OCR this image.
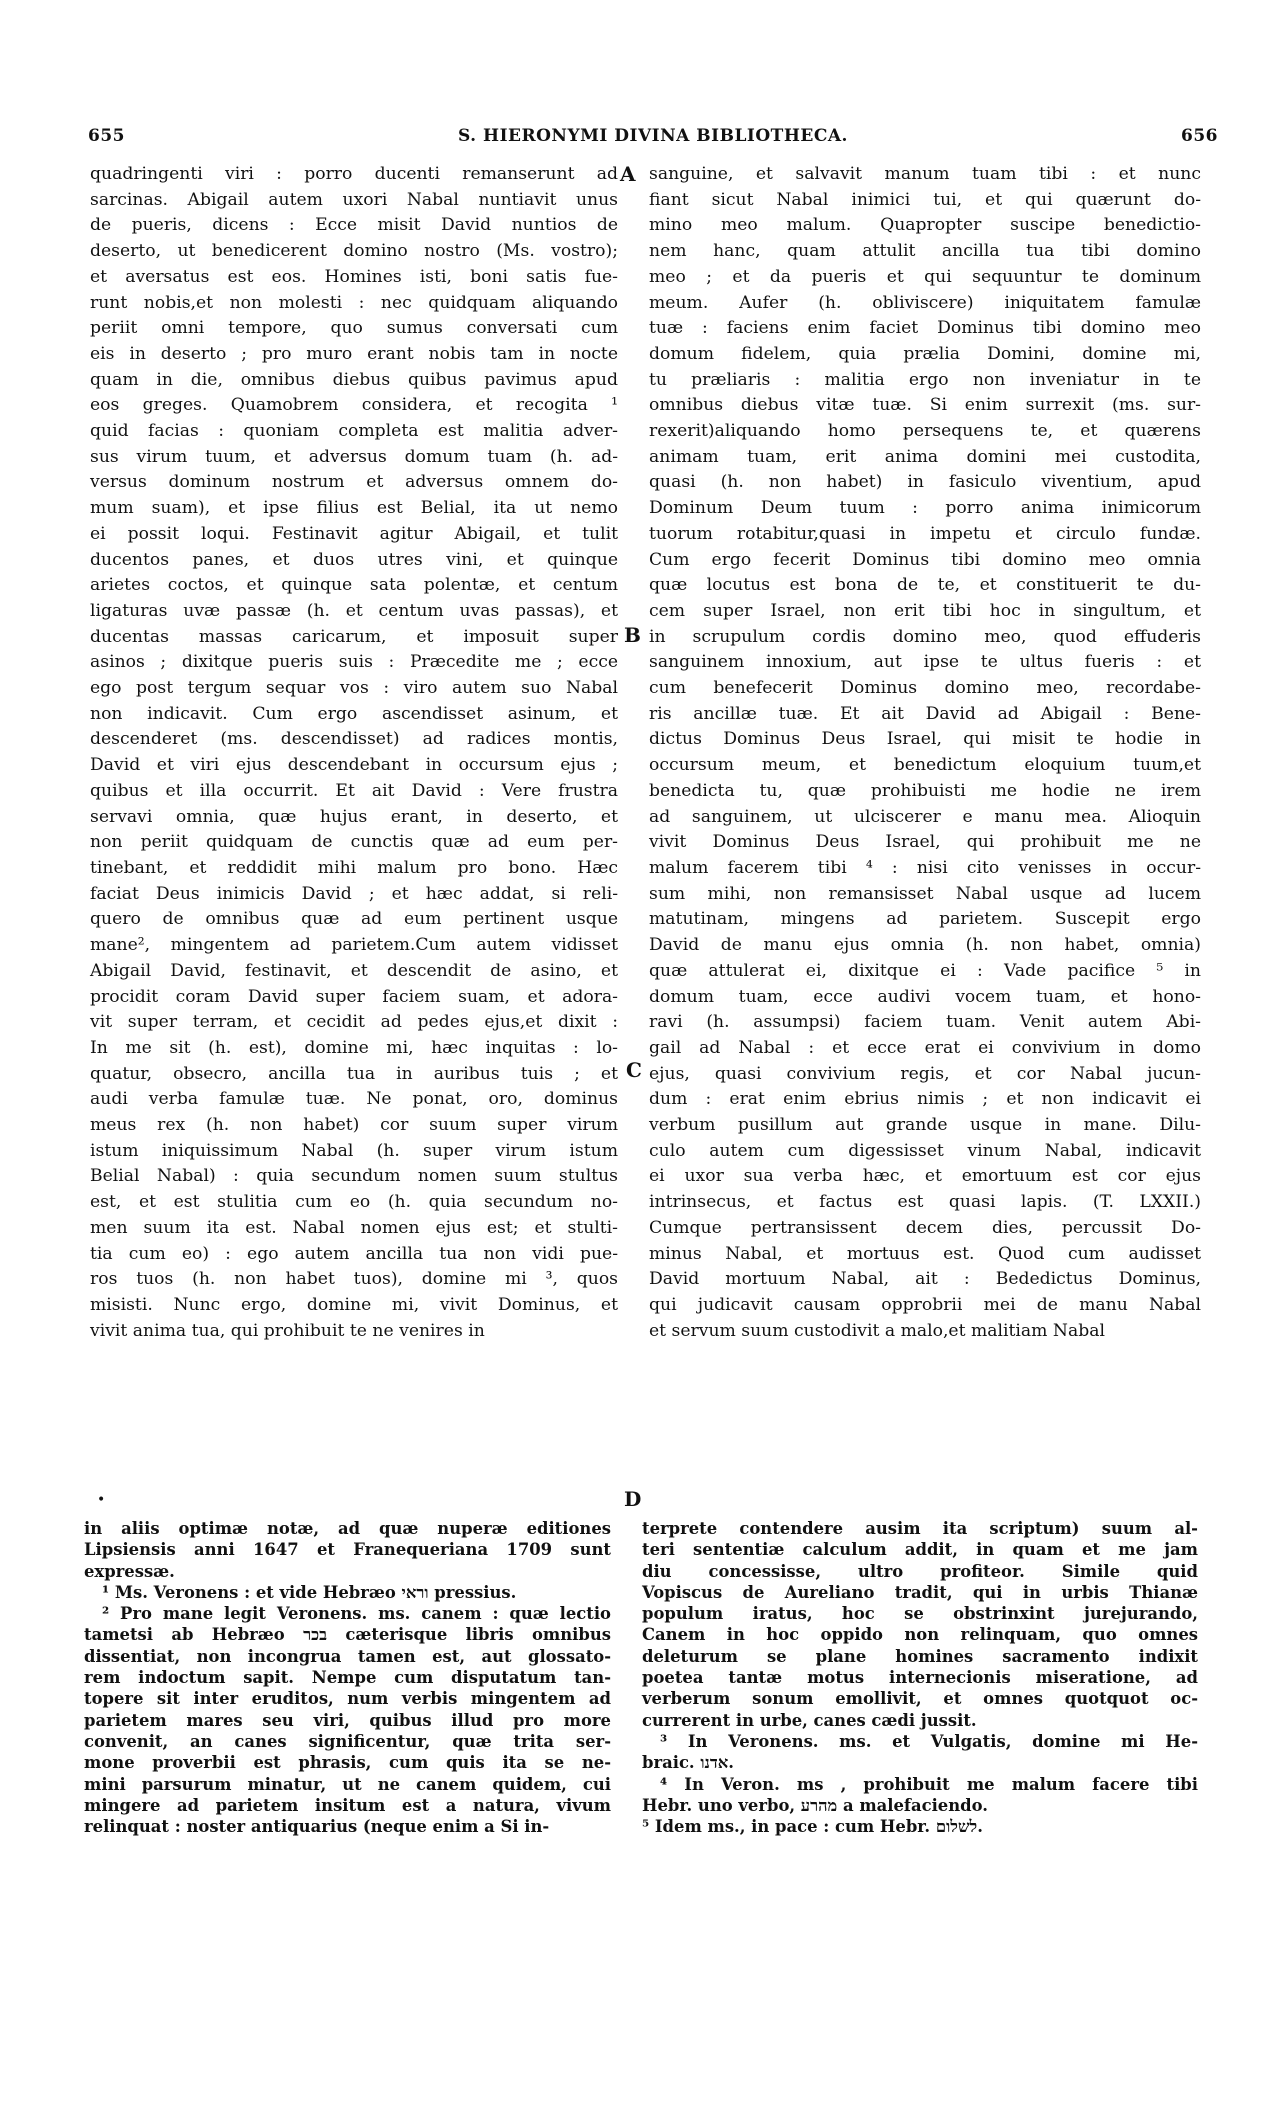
655	S. HIERONYMI DIVINA BIBLIOTHECA.	656
A
B
C
D
•

quadringenti viri : porro ducenti remanserunt ad

sarcinas. Abigail autem uxori Nabal nuntiavit unus

de pueris, dicens : Ecce misit David nuntios de

deserto, ut benedicerent domino nostro (Ms. vostro);

et aversatus est eos. Homines isti, boni satis fue-

runt nobis,et non molesti : nec quidquam aliquando

periit omni tempore, quo sumus conversati cum

eis in deserto ; pro muro erant nobis tam in nocte

quam in die, omnibus diebus quibus pavimus apud

eos greges. Quamobrem considera, et recogita ¹

quid facias : quoniam completa est malitia adver-

sus virum tuum, et adversus domum tuam (h. ad-

versus dominum nostrum et adversus omnem do-

mum suam), et ipse filius est Belial, ita ut nemo

ei possit loqui. Festinavit agitur Abigail, et tulit

ducentos panes, et duos utres vini, et quinque

arietes coctos, et quinque sata polentæ, et centum

ligaturas uvæ passæ (h. et centum uvas passas), et

ducentas massas caricarum, et imposuit super

asinos ; dixitque pueris suis : Præcedite me ; ecce

ego post tergum sequar vos : viro autem suo Nabal

non indicavit. Cum ergo ascendisset asinum, et

descenderet (ms. descendisset) ad radices montis,

David et viri ejus descendebant in occursum ejus ;

quibus et illa occurrit. Et ait David : Vere frustra

servavi omnia, quæ hujus erant, in deserto, et

non periit quidquam de cunctis quæ ad eum per-

tinebant, et reddidit mihi malum pro bono. Hæc

faciat Deus inimicis David ; et hæc addat, si reli-

quero de omnibus quæ ad eum pertinent usque

mane², mingentem ad parietem.Cum autem vidisset

Abigail David, festinavit, et descendit de asino, et

procidit coram David super faciem suam, et adora-

vit super terram, et cecidit ad pedes ejus,et dixit :

In me sit (h. est), domine mi, hæc inquitas : lo-

quatur, obsecro, ancilla tua in auribus tuis ; et

audi verba famulæ tuæ. Ne ponat, oro, dominus

meus rex (h. non habet) cor suum super virum

istum iniquissimum Nabal (h. super virum istum

Belial Nabal) : quia secundum nomen suum stultus

est, et est stulitia cum eo (h. quia secundum no-

men suum ita est. Nabal nomen ejus est; et stulti-

tia cum eo) : ego autem ancilla tua non vidi pue-

ros tuos (h. non habet tuos), domine mi ³, quos

misisti. Nunc ergo, domine mi, vivit Dominus, et

vivit anima tua, qui prohibuit te ne venires in

sanguine, et salvavit manum tuam tibi : et nunc

fiant sicut Nabal inimici tui, et qui quærunt do-

mino meo malum. Quapropter suscipe benedictio-

nem hanc, quam attulit ancilla tua tibi domino

meo ; et da pueris et qui sequuntur te dominum

meum. Aufer (h. obliviscere) iniquitatem famulæ

tuæ : faciens enim faciet Dominus tibi domino meo

domum fidelem, quia prælia Domini, domine mi,

tu præliaris : malitia ergo non inveniatur in te

omnibus diebus vitæ tuæ. Si enim surrexit (ms. sur-

rexerit)aliquando homo persequens te, et quærens

animam tuam, erit anima domini mei custodita,

quasi (h. non habet) in fasiculo viventium, apud

Dominum Deum tuum : porro anima inimicorum

tuorum rotabitur,quasi in impetu et circulo fundæ.

Cum ergo fecerit Dominus tibi domino meo omnia

quæ locutus est bona de te, et constituerit te du-

cem super Israel, non erit tibi hoc in singultum, et

in scrupulum cordis domino meo, quod effuderis

sanguinem innoxium, aut ipse te ultus fueris : et

cum benefecerit Dominus domino meo, recordabe-

ris ancillæ tuæ. Et ait David ad Abigail : Bene-

dictus Dominus Deus Israel, qui misit te hodie in

occursum meum, et benedictum eloquium tuum,et

benedicta tu, quæ prohibuisti me hodie ne irem

ad sanguinem, ut ulciscerer e manu mea. Alioquin

vivit Dominus Deus Israel, qui prohibuit me ne

malum facerem tibi ⁴ : nisi cito venisses in occur-

sum mihi, non remansisset Nabal usque ad lucem

matutinam, mingens ad parietem. Suscepit ergo

David de manu ejus omnia (h. non habet, omnia)

quæ attulerat ei, dixitque ei : Vade pacifice ⁵ in

domum tuam, ecce audivi vocem tuam, et hono-

ravi (h. assumpsi) faciem tuam. Venit autem Abi-

gail ad Nabal : et ecce erat ei convivium in domo

ejus, quasi convivium regis, et cor Nabal jucun-

dum : erat enim ebrius nimis ; et non indicavit ei

verbum pusillum aut grande usque in mane. Dilu-

culo autem cum digessisset vinum Nabal, indicavit

ei uxor sua verba hæc, et emortuum est cor ejus

intrinsecus, et factus est quasi lapis. (T. LXXII.)

Cumque pertransissent decem dies, percussit Do-

minus Nabal, et mortuus est. Quod cum audisset

David mortuum Nabal, ait : Bededictus Dominus,

qui judicavit causam opprobrii mei de manu Nabal

et servum suum custodivit a malo,et malitiam Nabal

in aliis optimæ notæ, ad quæ nuperæ editiones

Lipsiensis anni 1647 et Franequeriana 1709 sunt

expressæ.

¹ Ms. Veronens : et vide Hebræo וראי pressius.

² Pro mane legit Veronens. ms. canem : quæ lectio

tametsi ab Hebræo בכר cæterisque libris omnibus

dissentiat, non incongrua tamen est, aut glossato-

rem indoctum sapit. Nempe cum disputatum tan-

topere sit inter eruditos, num verbis mingentem ad

parietem mares seu viri, quibus illud pro more

convenit, an canes significentur, quæ trita ser-

mone proverbii est phrasis, cum quis ita se ne-

mini parsurum minatur, ut ne canem quidem, cui

mingere ad parietem insitum est a natura, vivum

relinquat : noster antiquarius (neque enim a Si in-

terprete contendere ausim ita scriptum) suum al-

teri sententiæ calculum addit, in quam et me jam

diu concessisse, ultro profiteor. Simile quid

Vopiscus de Aureliano tradit, qui in urbis Thianæ

populum iratus, hoc se obstrinxint jurejurando,

Canem in hoc oppido non relinquam, quo omnes

deleturum se plane homines sacramento indixit

poetea tantæ motus internecionis miseratione, ad

verberum sonum emollivit, et omnes quotquot oc-

currerent in urbe, canes cædi jussit.

³ In Veronens. ms. et Vulgatis, domine mi He-

braic. אדנו.

⁴ In Veron. ms , prohibuit me malum facere tibi

Hebr. uno verbo, מהרע a malefaciendo.

⁵ Idem ms., in pace : cum Hebr. לשלום.
